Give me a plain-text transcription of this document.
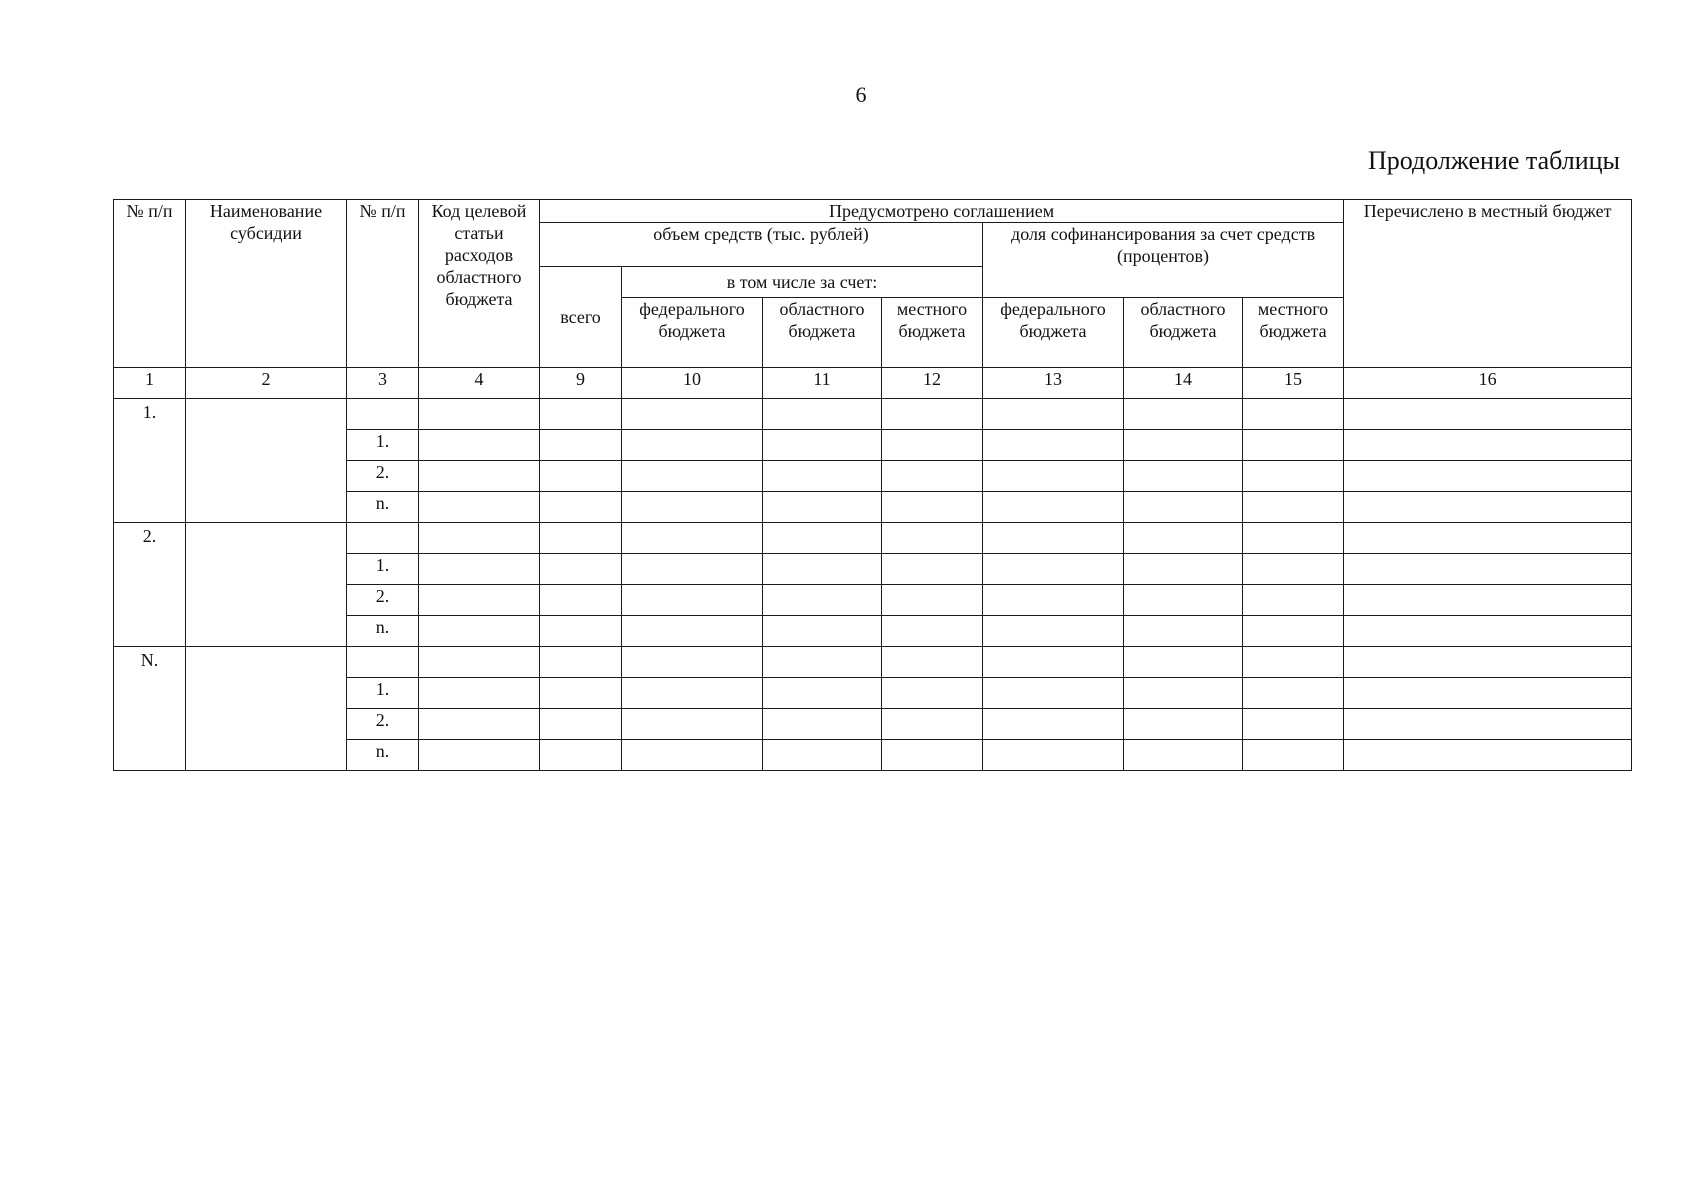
6
Продолжение таблицы
№ п/п	Наименование субсидии	№ п/п	Код целевой статьи расходов областного бюджета	Предусмотрено соглашением							Перечислено в местный бюджет
				объем средств (тыс. рублей)				доля софинансирования за счет средств (процентов)			
				всего	в том числе за счет:						
					федерального бюджета	областного бюджета	местного бюджета	федерального бюджета	областного бюджета	местного бюджета	
1	2	3	4	9	10	11	12	13	14	15	16
1.											
		1.									
		2.									
		n.									
2.											
		1.									
		2.									
		n.									
N.											
		1.									
		2.									
		n.									
